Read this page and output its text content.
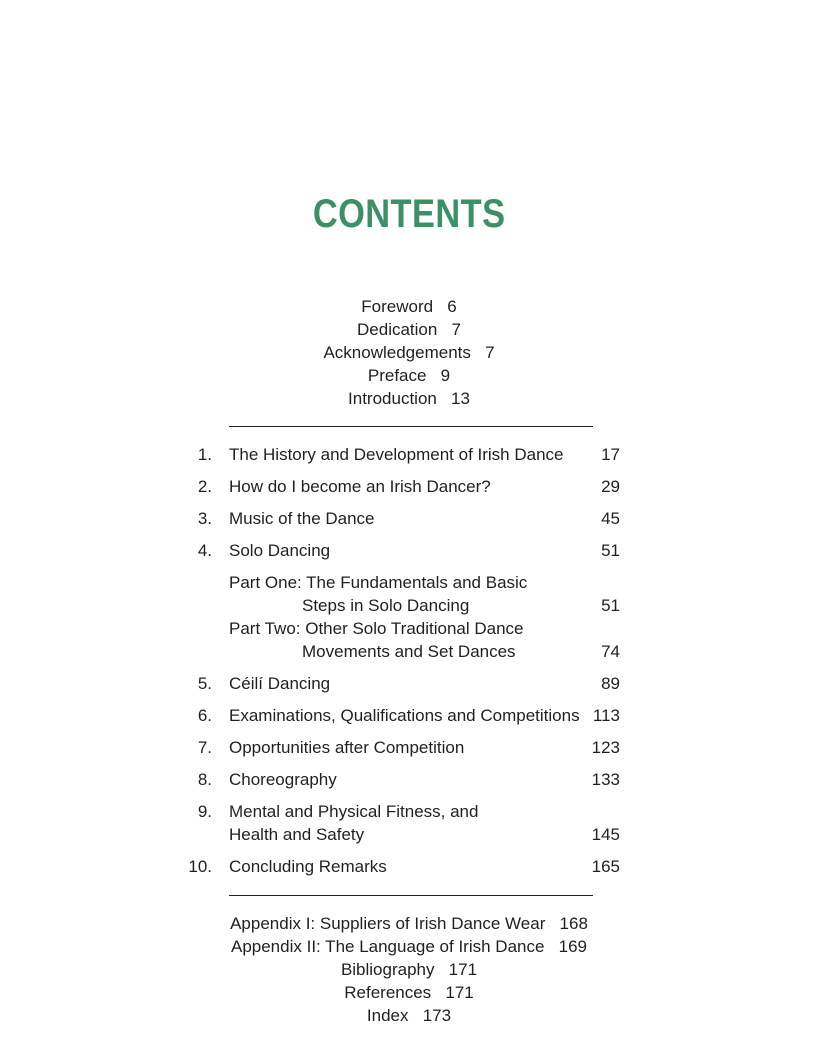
CONTENTS
Foreword 6
Dedication 7
Acknowledgements 7
Preface 9
Introduction 13
1. The History and Development of Irish Dance	17
2. How do I become an Irish Dancer?	29
3. Music of the Dance	45
4. Solo Dancing	51
Part One: The Fundamentals and Basic
Steps in Solo Dancing	51
Part Two: Other Solo Traditional Dance
Movements and Set Dances	74
5. Céilí Dancing	89
6. Examinations, Qualifications and Competitions 113
7. Opportunities after Competition	123
8. Choreography	133
9. Mental and Physical Fitness, and
Health and Safety	145
10. Concluding Remarks	165
Appendix I: Suppliers of Irish Dance Wear 168
Appendix II: The Language of Irish Dance 169
Bibliography 171
References 171
Index 173
